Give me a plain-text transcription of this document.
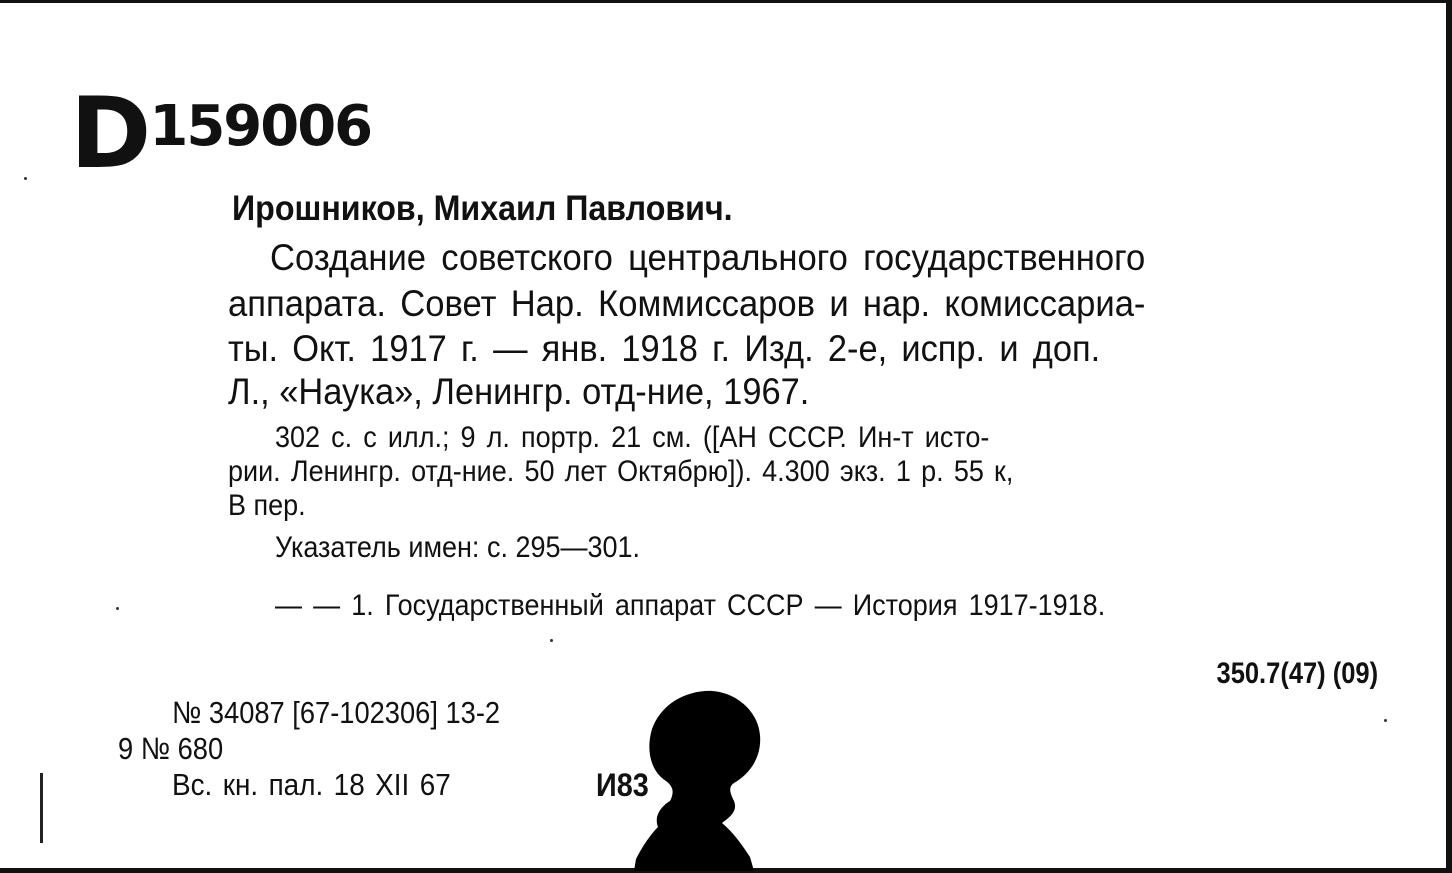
$D^{159006}$
Ирошников, Михаил Павлович.
Создание советского центрального государственного
аппарата. Совет Нар. Коммиссаров и нар. комиссариа-
ты. Окт. 1917 г. — янв. 1918 г. Изд. 2-е, испр. и доп.
Л., «Наука», Ленингр. отд-ние, 1967.
302 с. с илл.; 9 л. портр. 21 см. ([АН СССР. Ин-т исто-
рии. Ленингр. отд-ние. 50 лет Октябрю]). 4.300 экз. 1 р. 55 к,
В пер.
Указатель имен: с. 295—301.
— — 1. Государственный аппарат СССР — История 1917-1918.
350.7(47) (09)
№ 34087 [67-102306] 13-2
9 № 680
Вс. кн. пал. 18 XII 67	И83
